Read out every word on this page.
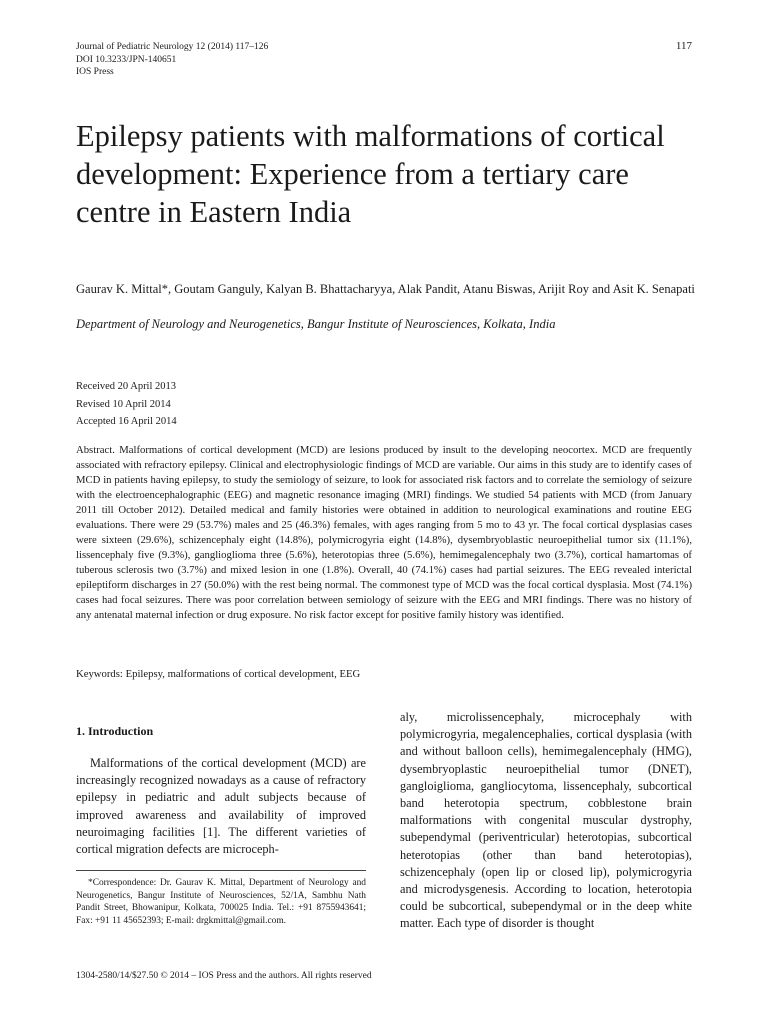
Journal of Pediatric Neurology 12 (2014) 117–126
DOI 10.3233/JPN-140651
IOS Press
117
Epilepsy patients with malformations of cortical development: Experience from a tertiary care centre in Eastern India
Gaurav K. Mittal*, Goutam Ganguly, Kalyan B. Bhattacharyya, Alak Pandit, Atanu Biswas, Arijit Roy and Asit K. Senapati
Department of Neurology and Neurogenetics, Bangur Institute of Neurosciences, Kolkata, India
Received 20 April 2013
Revised 10 April 2014
Accepted 16 April 2014
Abstract. Malformations of cortical development (MCD) are lesions produced by insult to the developing neocortex. MCD are frequently associated with refractory epilepsy. Clinical and electrophysiologic findings of MCD are variable. Our aims in this study are to identify cases of MCD in patients having epilepsy, to study the semiology of seizure, to look for associated risk factors and to correlate the semiology of seizure with the electroencephalographic (EEG) and magnetic resonance imaging (MRI) findings. We studied 54 patients with MCD (from January 2011 till October 2012). Detailed medical and family histories were obtained in addition to neurological examinations and routine EEG evaluations. There were 29 (53.7%) males and 25 (46.3%) females, with ages ranging from 5 mo to 43 yr. The focal cortical dysplasias cases were sixteen (29.6%), schizencephaly eight (14.8%), polymicrogyria eight (14.8%), dysembryoblastic neuroepithelial tumor six (11.1%), lissencephaly five (9.3%), ganglioglioma three (5.6%), heterotopias three (5.6%), hemimegalencephaly two (3.7%), cortical hamartomas of tuberous sclerosis two (3.7%) and mixed lesion in one (1.8%). Overall, 40 (74.1%) cases had partial seizures. The EEG revealed interictal epileptiform discharges in 27 (50.0%) with the rest being normal. The commonest type of MCD was the focal cortical dysplasia. Most (74.1%) cases had focal seizures. There was poor correlation between semiology of seizure with the EEG and MRI findings. There was no history of any antenatal maternal infection or drug exposure. No risk factor except for positive family history was identified.
Keywords: Epilepsy, malformations of cortical development, EEG
1. Introduction

Malformations of the cortical development (MCD) are increasingly recognized nowadays as a cause of refractory epilepsy in pediatric and adult subjects because of improved awareness and availability of improved neuroimaging facilities [1]. The different varieties of cortical migration defects are microceph-

aly, microlissencephaly, microcephaly with polymicrogyria, megalencephalies, cortical dysplasia (with and without balloon cells), hemimegalencephaly (HMG), dysembryoplastic neuroepithelial tumor (DNET), gangloiglioma, gangliocytoma, lissencephaly, subcortical band heterotopia spectrum, cobblestone brain malformations with congenital muscular dystrophy, subependymal (periventricular) heterotopias, subcortical heterotopias (other than band heterotopias), schizencephaly (open lip or closed lip), polymicrogyria and microdysgenesis. According to location, heterotopia could be subcortical, subependymal or in the deep white matter. Each type of disorder is thought

*Correspondence: Dr. Gaurav K. Mittal, Department of Neurology and Neurogenetics, Bangur Institute of Neurosciences, 52/1A, Sambhu Nath Pandit Street, Bhowanipur, Kolkata, 700025 India. Tel.: +91 8755943641; Fax: +91 11 45652393; E-mail: drgkmittal@gmail.com.
1304-2580/14/$27.50 © 2014 – IOS Press and the authors. All rights reserved
